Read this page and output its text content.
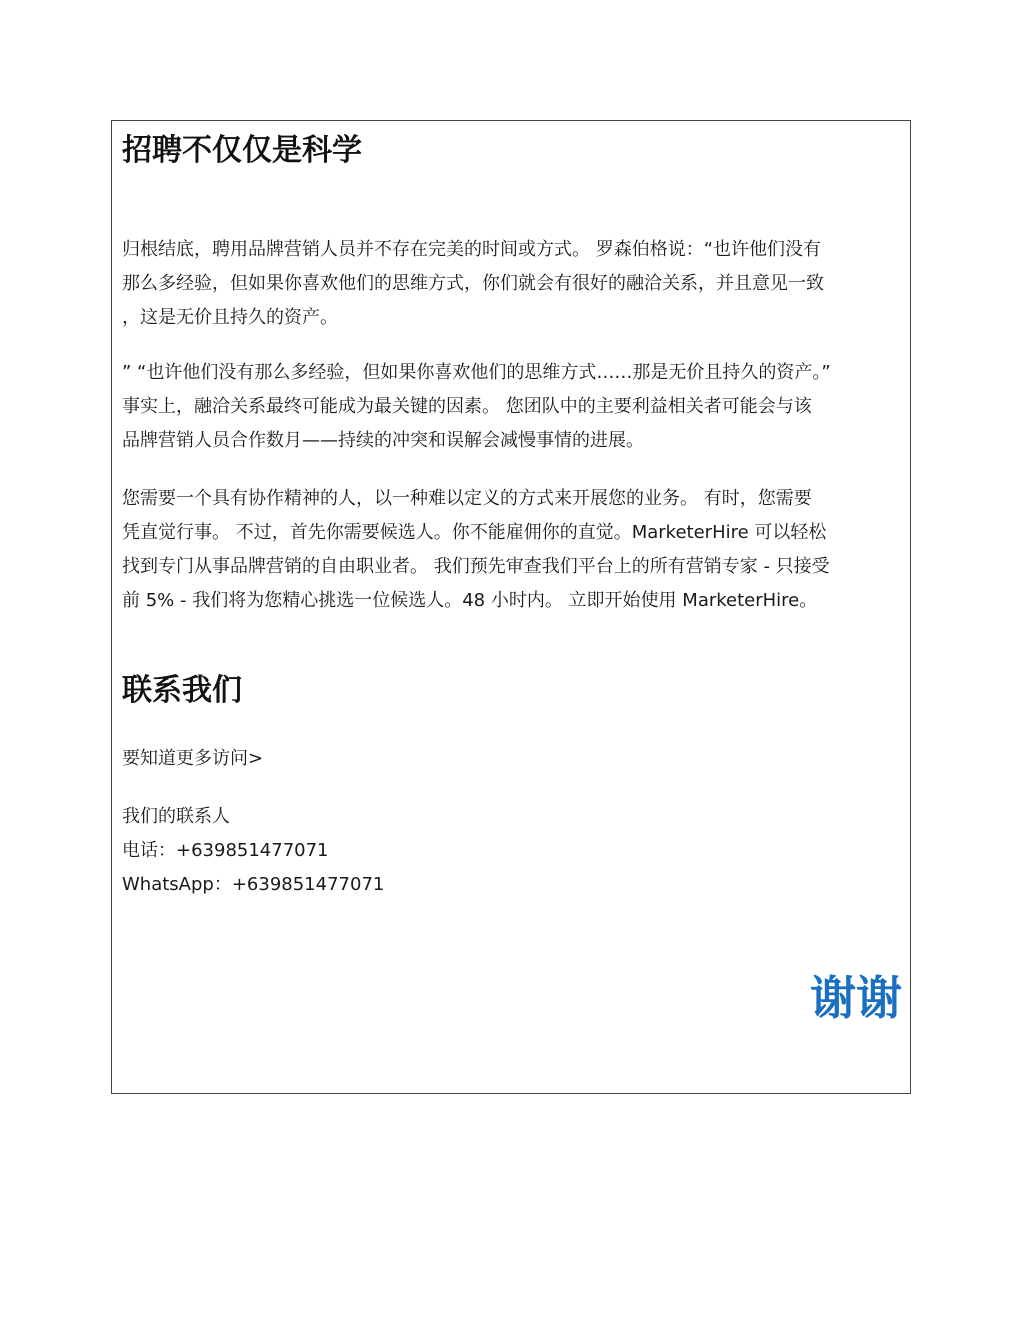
招聘不仅仅是科学

归根结底，聘用品牌营销人员并不存在完美的时间或方式。 罗森伯格说：“也许他们没有
那么多经验，但如果你喜欢他们的思维方式，你们就会有很好的融洽关系，并且意见一致
，这是无价且持久的资产。

” “也许他们没有那么多经验，但如果你喜欢他们的思维方式……那是无价且持久的资产。”
事实上，融洽关系最终可能成为最关键的因素。 您团队中的主要利益相关者可能会与该
品牌营销人员合作数月——持续的冲突和误解会减慢事情的进展。

您需要一个具有协作精神的人，以一种难以定义的方式来开展您的业务。 有时，您需要
凭直觉行事。 不过，首先你需要候选人。你不能雇佣你的直觉。MarketerHire 可以轻松
找到专门从事品牌营销的自由职业者。 我们预先审查我们平台上的所有营销专家 - 只接受
前 5% - 我们将为您精心挑选一位候选人。48 小时内。 立即开始使用 MarketerHire。

联系我们

要知道更多访问>

我们的联系人
电话：+639851477071
WhatsApp：+639851477071

谢谢
